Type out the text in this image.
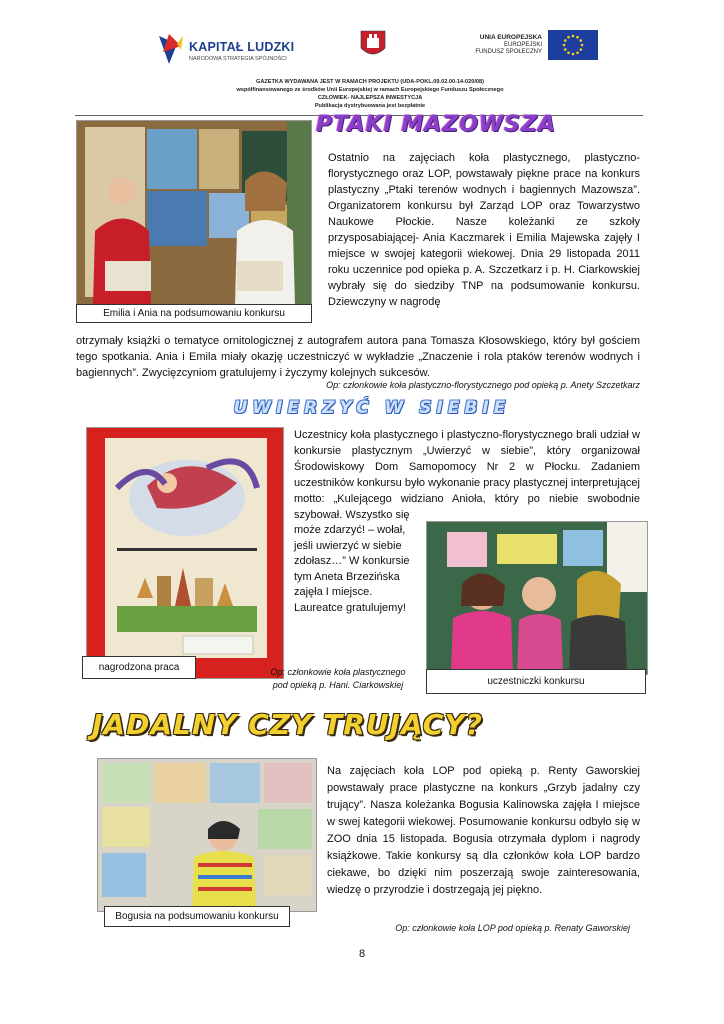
KAPITAŁ LUDZKI
NARODOWA STRATEGIA SPÓJNOŚCI
UNIA EUROPEJSKA
EUROPEJSKI
FUNDUSZ SPOŁECZNY
GAZETKA WYDAWANA JEST W RAMACH PROJEKTU (UDA-POKL.09.02.00-14-020/08)
współfinansowanego ze środków Unii Europejskiej w ramach Europejskiego Funduszu Społecznego
CZŁOWIEK- NAJLEPSZA INWESTYCJA
Publikacja dystrybuowana jest bezpłatnie
PTAKI MAZOWSZA
Emilia i Ania na podsumowaniu konkursu
Ostatnio na zajęciach koła plastycznego, plastyczno-florystycznego oraz LOP, powstawały piękne prace na konkurs plastyczny „Ptaki terenów wodnych i bagiennych Mazowsza”. Organizatorem konkursu był Zarząd LOP oraz Towarzystwo Naukowe Płockie. Nasze koleżanki ze szkoły przysposabiającej- Ania Kaczmarek i Emilia Majewska zajęły I miejsce w swojej kategorii wiekowej. Dnia 29 listopada 2011 roku uczennice pod opieka p. A. Szczetkarz i p. H. Ciarkowskiej wybrały się do siedziby TNP na podsumowanie konkursu. Dziewczyny w nagrodę
otrzymały książki o tematyce ornitologicznej z autografem autora pana Tomasza Kłosowskiego, który był gościem tego spotkania. Ania i Emila miały okazję uczestniczyć w wykładzie „Znaczenie i rola ptaków terenów wodnych i bagiennych”. Zwycięzcyniom gratulujemy i życzymy kolejnych sukcesów.
Op: członkowie koła plastyczno-florystycznego pod opieką p. Anety Szczetkarz
UWIERZYĆ W SIEBIE
nagrodzona praca
Uczestnicy koła plastycznego i plastyczno-florystycznego brali udział w konkursie plastycznym „Uwierzyć w siebie”, który organizował Środowiskowy Dom Samopomocy Nr 2 w Płocku. Zadaniem uczestników konkursu było wykonanie pracy plastycznej interpretującej motto: „Kulejącego widziano Anioła, który po niebie swobodnie szybował. Wszystko się
może zdarzyć! – wołał, jeśli uwierzyć w siebie zdołasz…” W konkursie tym Aneta Brzezińska zajęła I miejsce. Laureatce gratulujemy!
Op: członkowie koła plastycznego pod opieką p. Hani. Ciarkowskiej	uczestniczki konkursu
JADALNY CZY TRUJĄCY?
Bogusia na podsumowaniu konkursu
Na zajęciach koła LOP pod opieką p. Renty Gaworskiej powstawały prace plastyczne na konkurs „Grzyb jadalny czy trujący”. Nasza koleżanka Bogusia Kalinowska zajęła I miejsce w swej kategorii wiekowej. Posumowanie konkursu odbyło się w ZOO dnia 15 listopada. Bogusia otrzymała dyplom i nagrody książkowe. Takie konkursy są dla członków koła LOP bardzo ciekawe, bo dzięki nim poszerzają swoje zainteresowania, wiedzę o przyrodzie i dostrzegają jej piękno.
Op: członkowie koła LOP pod opieką p. Renaty Gaworskiej
8
